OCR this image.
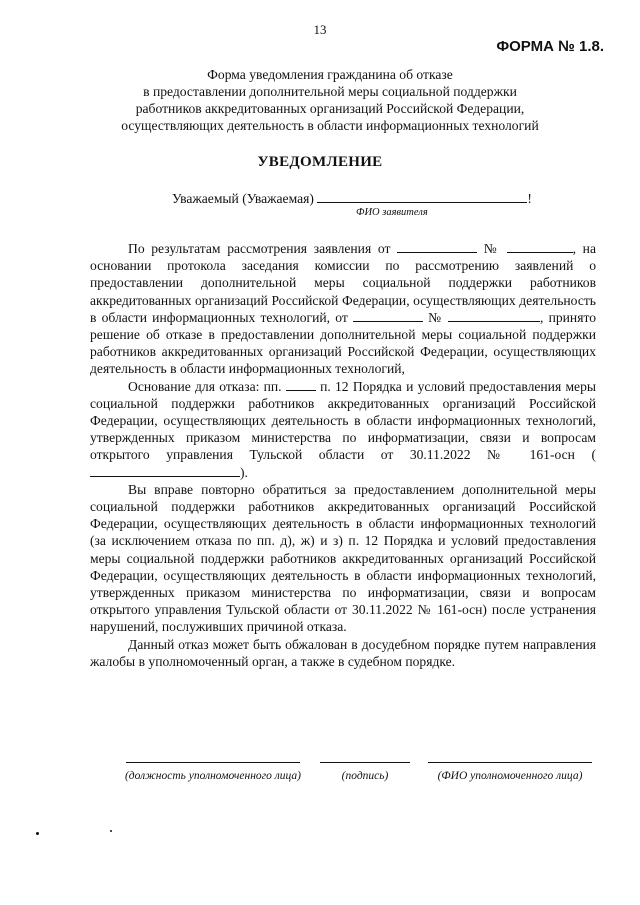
13
ФОРМА № 1.8.
Форма уведомления гражданина об отказе
в предоставлении дополнительной меры социальной поддержки
работников аккредитованных организаций Российской Федерации,
осуществляющих деятельность в области информационных технологий
УВЕДОМЛЕНИЕ
Уважаемый (Уважаемая)	!
ФИО заявителя

По результатам рассмотрения заявления от	№	, на основании протокола заседания комиссии по рассмотрению заявлений о предоставлении дополнительной меры социальной поддержки работников аккредитованных организаций Российской Федерации, осуществляющих деятельность в области информационных технологий, от	№	, принято решение об отказе в предоставлении дополнительной меры социальной поддержки работников аккредитованных организаций Российской Федерации, осуществляющих деятельность в области информационных технологий,

Основание для отказа: пп.	п. 12 Порядка и условий предоставления меры социальной поддержки работников аккредитованных организаций Российской Федерации, осуществляющих деятельность в области информационных технологий, утвержденных приказом министерства по информатизации, связи и вопросам открытого управления Тульской области от 30.11.2022 № 161-осн ().

Вы вправе повторно обратиться за предоставлением дополнительной меры социальной поддержки работников аккредитованных организаций Российской Федерации, осуществляющих деятельность в области информационных технологий (за исключением отказа по пп. д), ж) и з) п. 12 Порядка и условий предоставления меры социальной поддержки работников аккредитованных организаций Российской Федерации, осуществляющих деятельность в области информационных технологий, утвержденных приказом министерства по информатизации, связи и вопросам открытого управления Тульской области от 30.11.2022 № 161-осн) после устранения нарушений, послуживших причиной отказа.

Данный отказ может быть обжалован в досудебном порядке путем направления жалобы в уполномоченный орган, а также в судебном порядке.

(должность уполномоченного лица)	(подпись)	(ФИО уполномоченного лица)
